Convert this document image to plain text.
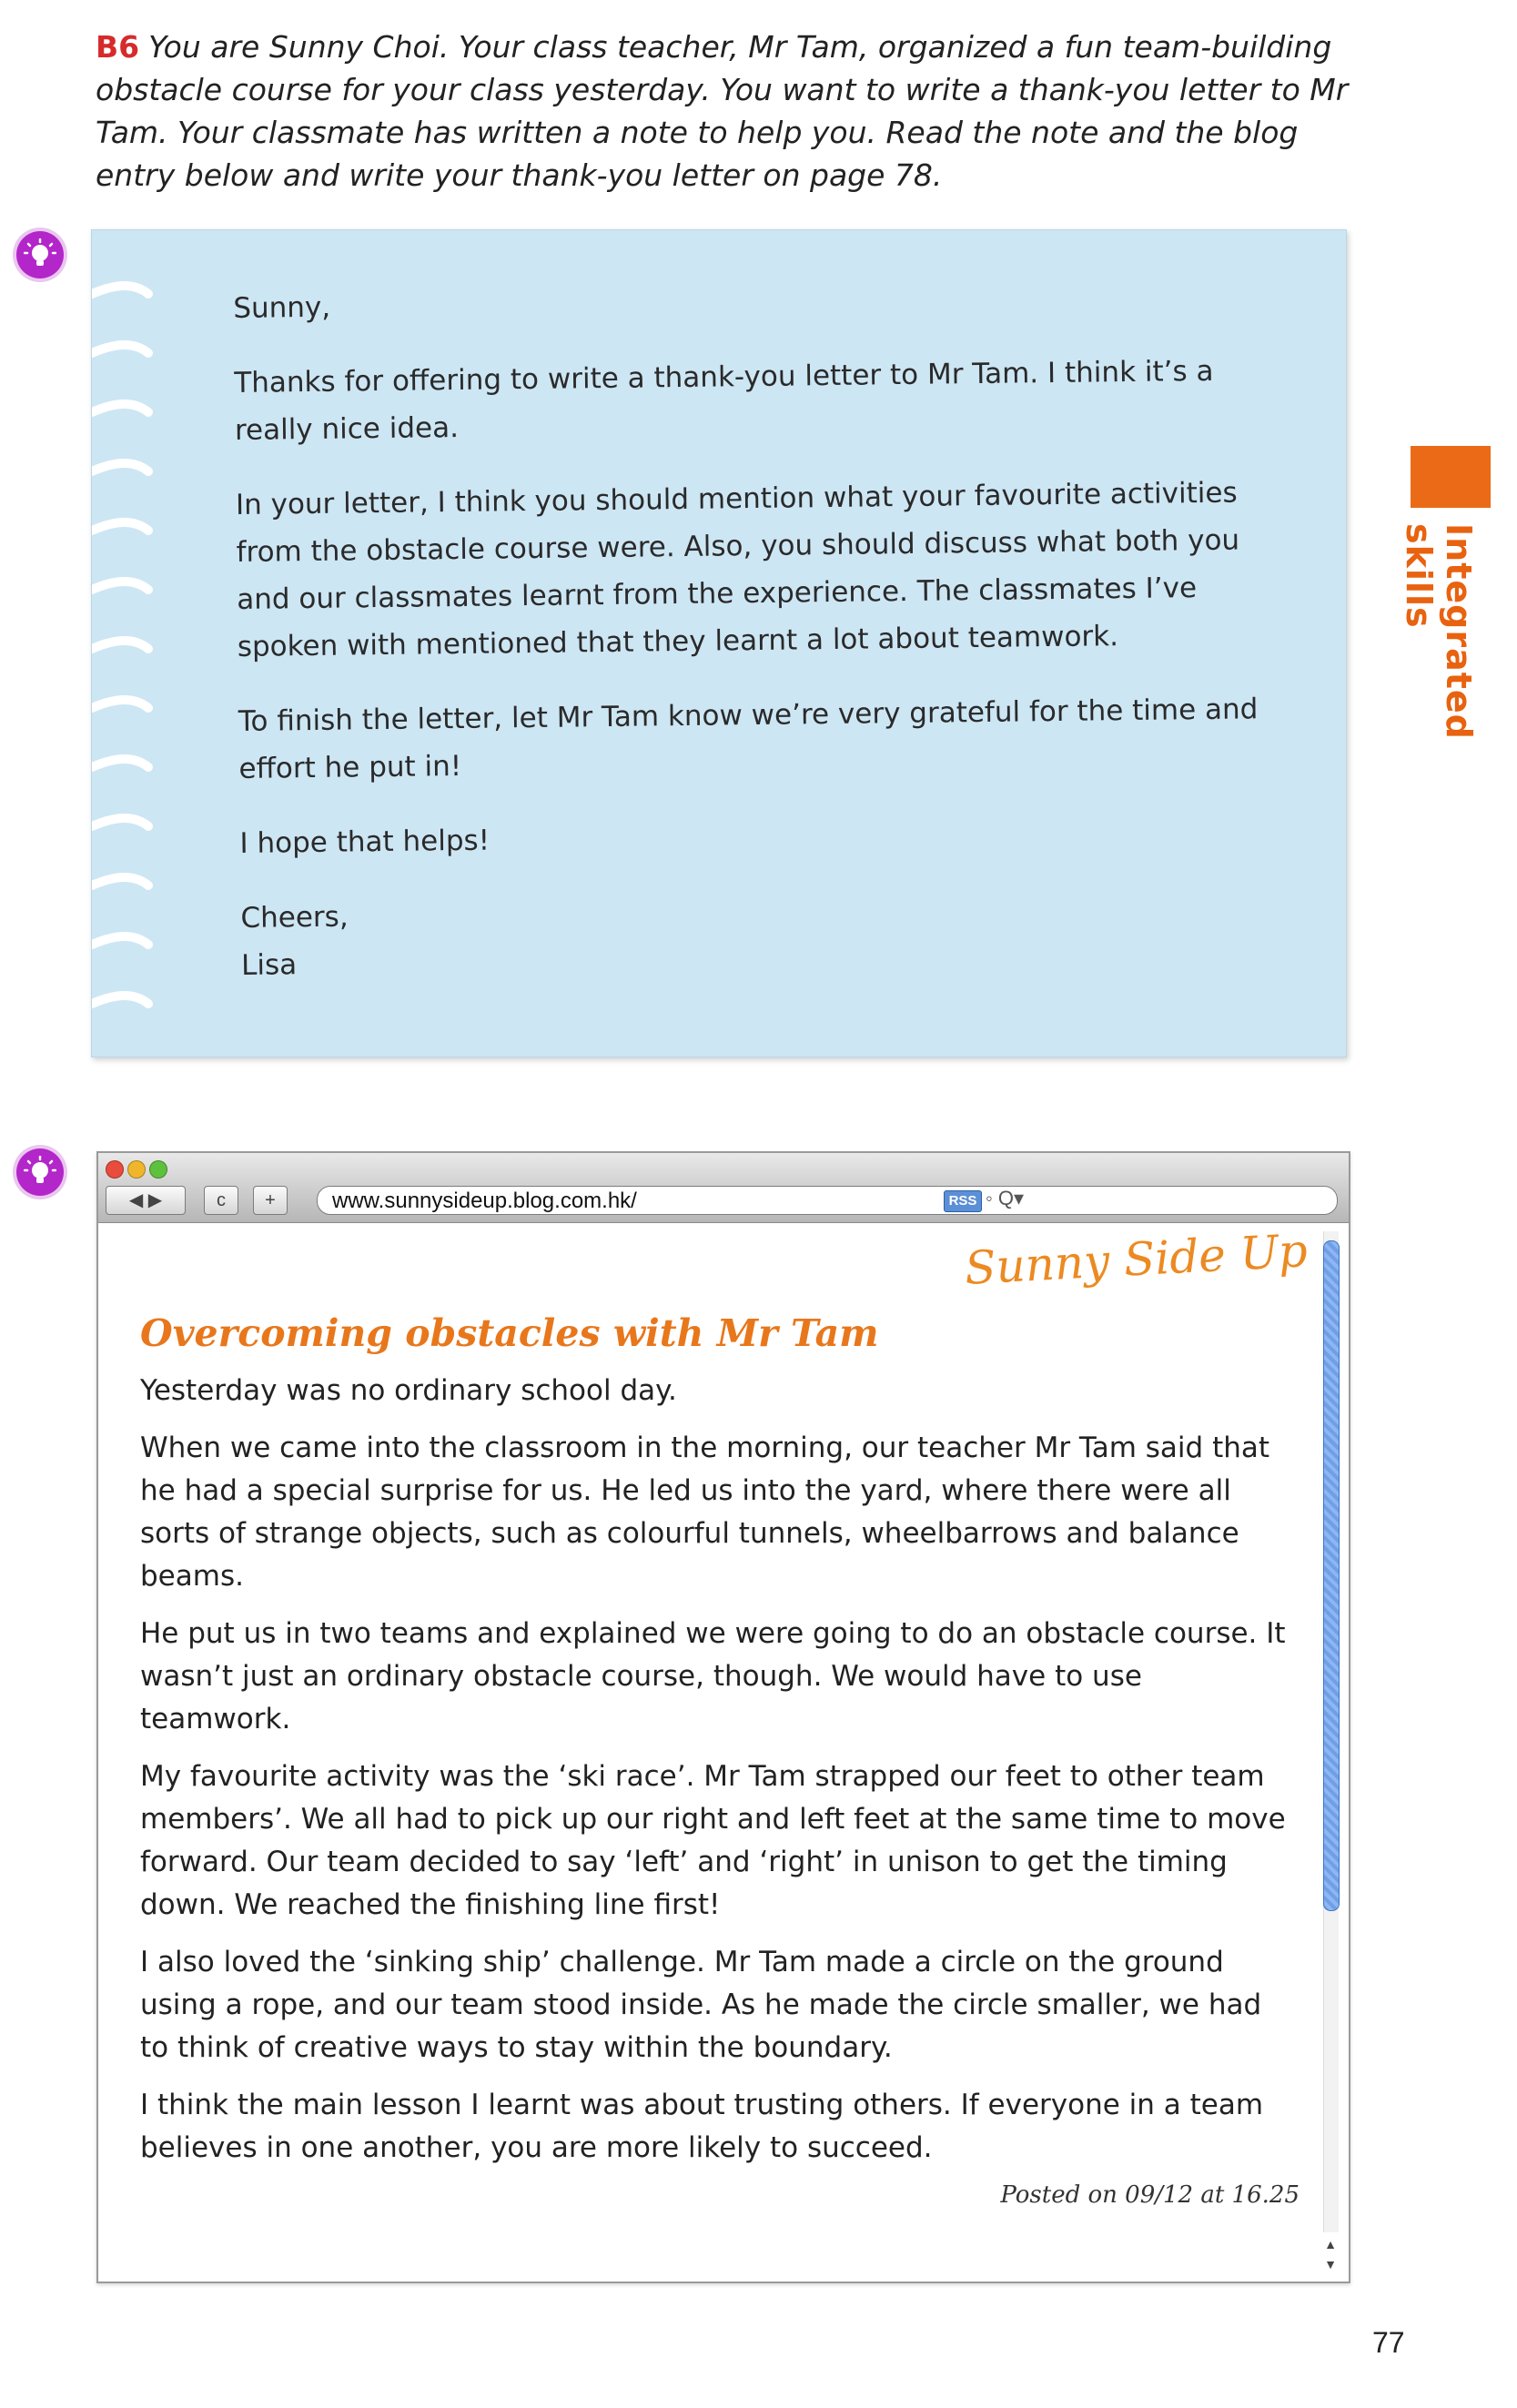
B6 You are Sunny Choi. Your class teacher, Mr Tam, organized a fun team-building obstacle course for your class yesterday. You want to write a thank-you letter to Mr Tam. Your classmate has written a note to help you. Read the note and the blog entry below and write your thank-you letter on page 78.

Sunny,

Thanks for offering to write a thank-you letter to Mr Tam. I think it’s a really nice idea.

In your letter, I think you should mention what your favourite activities from the obstacle course were. Also, you should discuss what both you and our classmates learnt from the experience. The classmates I’ve spoken with mentioned that they learnt a lot about teamwork.

To finish the letter, let Mr Tam know we’re very grateful for the time and effort he put in!

I hope that helps!

Cheers,

Lisa

Integrated skills
◀ ▶	c	+	www.sunnysideup.blog.com.hk/	RSS ◦ Q▾
Sunny Side Up
Overcoming obstacles with Mr Tam

Yesterday was no ordinary school day.

When we came into the classroom in the morning, our teacher Mr Tam said that he had a special surprise for us. He led us into the yard, where there were all sorts of strange objects, such as colourful tunnels, wheelbarrows and balance beams.

He put us in two teams and explained we were going to do an obstacle course. It wasn’t just an ordinary obstacle course, though. We would have to use teamwork.

My favourite activity was the ‘ski race’. Mr Tam strapped our feet to other team members’. We all had to pick up our right and left feet at the same time to move forward. Our team decided to say ‘left’ and ‘right’ in unison to get the timing down. We reached the finishing line first!

I also loved the ‘sinking ship’ challenge. Mr Tam made a circle on the ground using a rope, and our team stood inside. As he made the circle smaller, we had to think of creative ways to stay within the boundary.

I think the main lesson I learnt was about trusting others. If everyone in a team believes in one another, you are more likely to succeed.

Posted on 09/12 at 16.25
▲
▼
77
